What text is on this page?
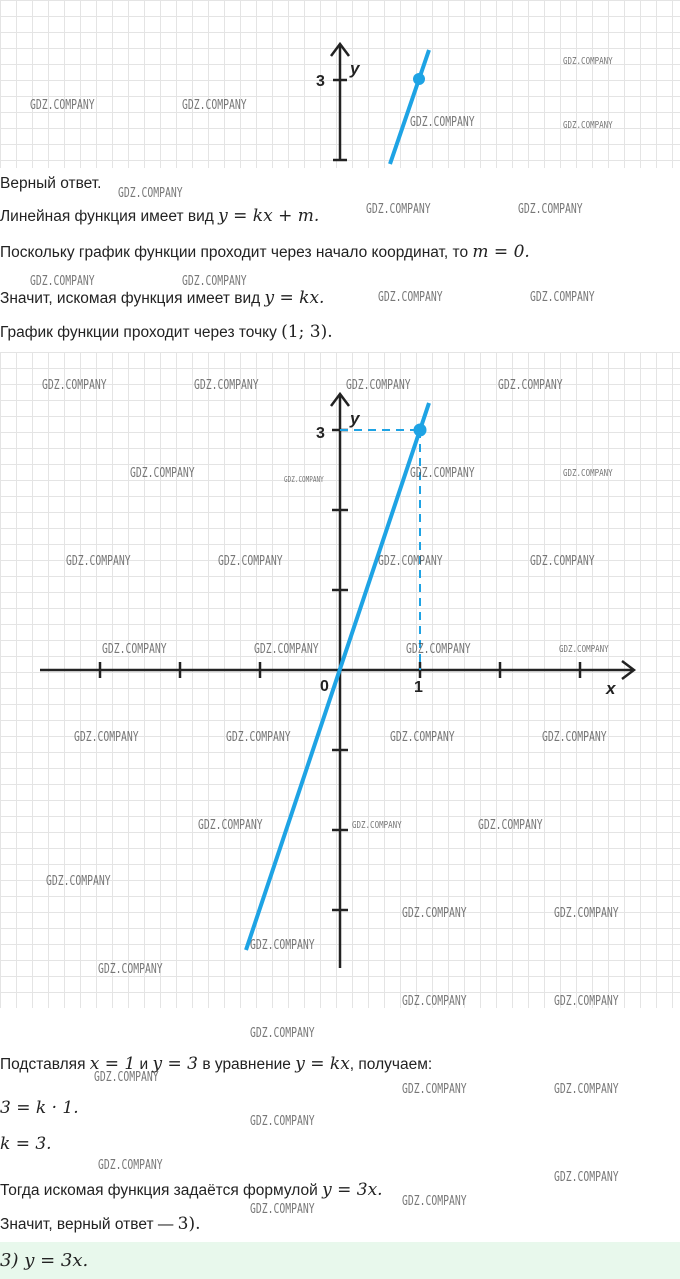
3
y
Верный ответ.
Линейная функция имеет вид y = kx + m.
Поскольку график функции проходит через начало координат, то m = 0.
Значит, искомая функция имеет вид y = kx.
График функции проходит через точку (1; 3).
3
y
0	1	x
Подставляя x = 1 и y = 3 в уравнение y = kx, получаем:
3 = k · 1.
k = 3.
Тогда искомая функция задаётся формулой y = 3x.
Значит, верный ответ — 3).
3) y = 3x.
GDZ.COMPANY
GDZ.COMPANY	GDZ.COMPANY
GDZ.COMPANY	GDZ.COMPANY
GDZ.COMPANY
GDZ.COMPANY	GDZ.COMPANY
GDZ.COMPANY	GDZ.COMPANY
GDZ.COMPANY	GDZ.COMPANY
GDZ.COMPANY	GDZ.COMPANY	GDZ.COMPANY	GDZ.COMPANY
GDZ.COMPANY	GDZ.COMPANY	GDZ.COMPANY	GDZ.COMPANY
GDZ.COMPANY	GDZ.COMPANY	GDZ.COMPANY	GDZ.COMPANY
GDZ.COMPANY	GDZ.COMPANY	GDZ.COMPANY	GDZ.COMPANY
GDZ.COMPANY	GDZ.COMPANY	GDZ.COMPANY	GDZ.COMPANY
GDZ.COMPANY	GDZ.COMPANY	GDZ.COMPANY
GDZ.COMPANY
GDZ.COMPANY	GDZ.COMPANY
GDZ.COMPANY
GDZ.COMPANY
GDZ.COMPANY	GDZ.COMPANY
GDZ.COMPANY
GDZ.COMPANY
GDZ.COMPANY	GDZ.COMPANY
GDZ.COMPANY
GDZ.COMPANY
GDZ.COMPANY
GDZ.COMPANY
GDZ.COMPANY
